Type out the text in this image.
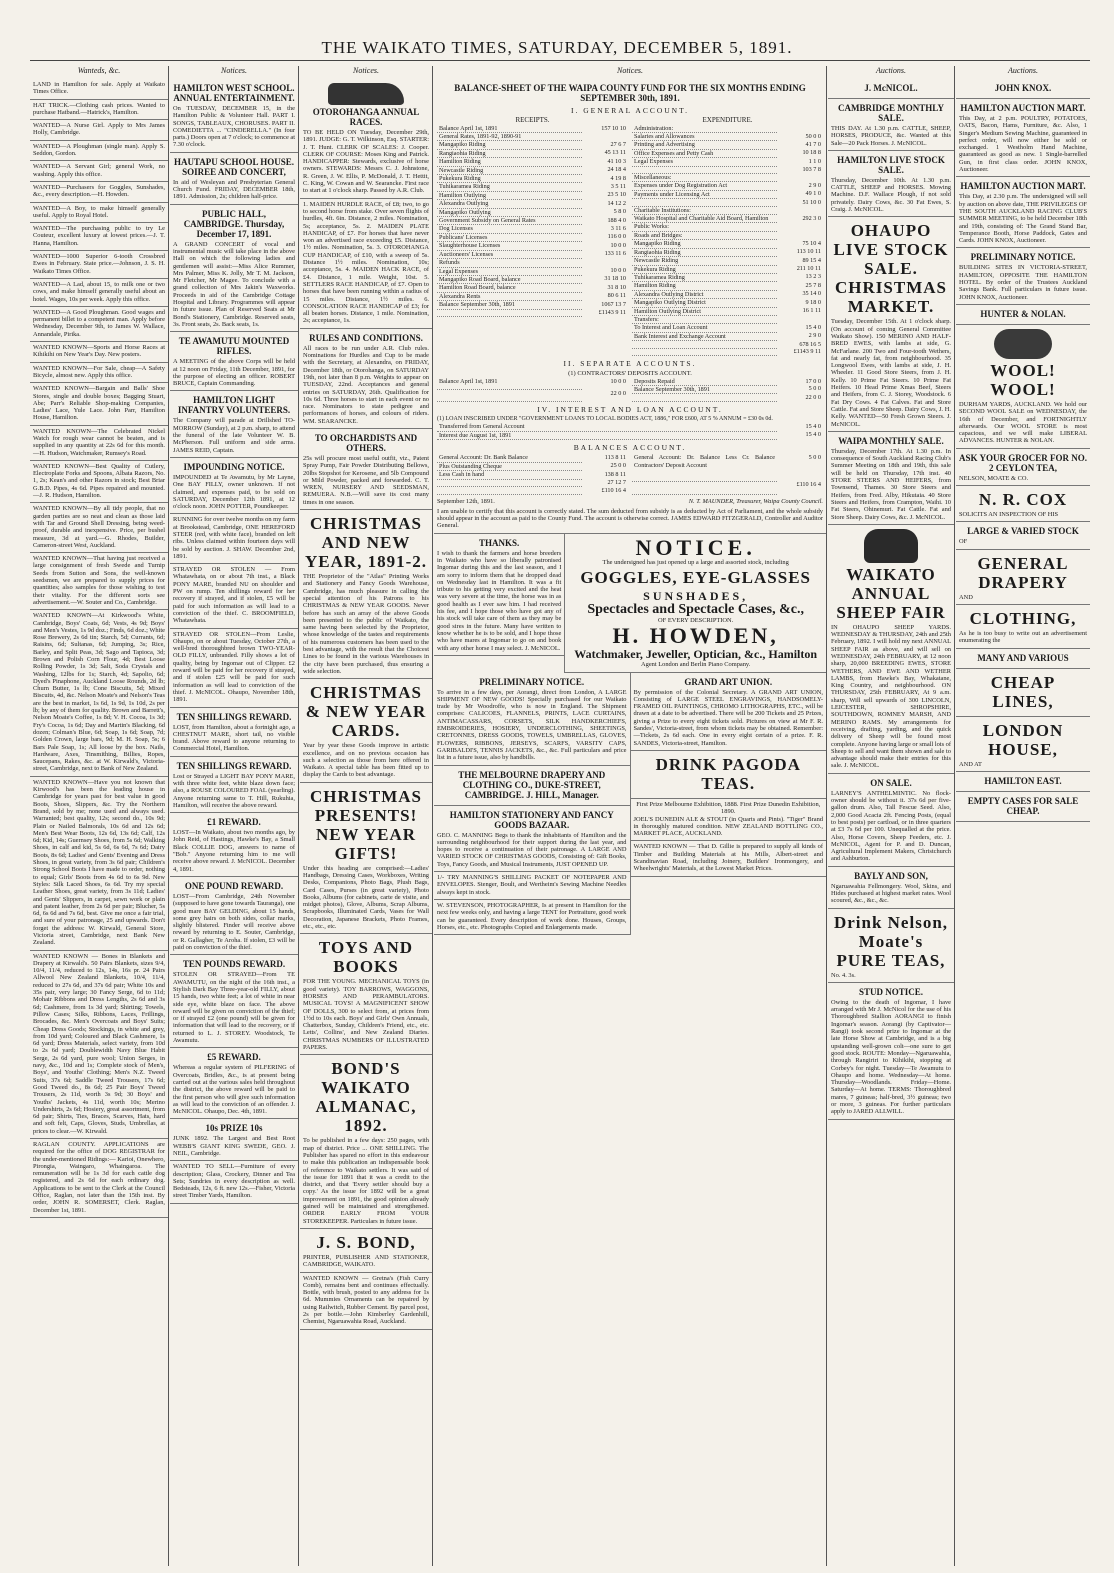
THE WAIKATO TIMES, SATURDAY, DECEMBER 5, 1891.
Wanteds, &c.
LAND in Hamilton for sale. Apply at Waikato Times Office.
HAT TRICK.—Clothing cash prices. Wanted to purchase Hatband.—Hatrick's, Hamilton.
WANTED—A Nurse Girl. Apply to Mrs James Holly, Cambridge.
WANTED—A Ploughman (single man). Apply S. Seddon, Gordon.
WANTED—A Servant Girl; general Work, no washing. Apply this office.
WANTED—Purchasers for Goggles, Sunshades, &c., every description.—H. Howden.
WANTED—A Boy, to make himself generally useful. Apply to Royal Hotel.
WANTED—The purchasing public to try Le Couteur, excellent luxury at lowest prices.—J. T. Hanna, Hamilton.
WANTED—1000 Superior 6-tooth Crossbred Ewes in February. State price.—Johnson, J. S. H. Waikato Times Office.
WANTED—A Lad, about 15, to milk one or two cows, and make himself generally useful about an hotel. Wages, 10s per week. Apply this office.
WANTED—A Good Ploughman. Good wages and permanent billet to a competent man. Apply before Wednesday, December 9th, to James W. Wallace, Annandale, Pirika.
WANTED KNOWN—Sports and Horse Races at Kihikihi on New Year's Day. New posters.
WANTED KNOWN—For Sale, cheap—A Safety Bicycle, almost new. Apply this office.
WANTED KNOWN—Bargain and Balls' Shoe Stores, single and double boxes; Bagging Stuart, Abe; Parr's Reliable Shop-making Companies, Ladies' Lace, Yule Lace. John Parr, Hamilton House, Hamilton.
WANTED KNOWN—The Celebrated Nickel Watch for rough wear cannot be beaten, and is supplied in any quantity at 22s 6d for this month.—H. Hudson, Watchmaker, Rumsey's Road.
WANTED KNOWN—Best Quality of Cutlery, Electroplate Forks and Spoons, Albata Razors, No. 1, 2s; Kean's and other Razors in stock; Best Briar G.B.D. Pipes, 4s 6d. Pipes repaired and mounted.—J. R. Hudson, Hamilton.
WANTED KNOWN—By all tidy people, that no garden parties are so neat and clean as those laid with Tar and Ground Shell Dressing, being weed-proof, durable and inexpensive. Price, per bushel measure, 3d at yard.—G. Rhodes, Builder, Cameron-street West, Auckland.
WANTED KNOWN—That having just received a large consignment of fresh Swede and Turnip Seeds from Sutton and Sons, the well-known seedsmen, we are prepared to supply prices for quantities; also samples for those wishing to test their vitality. For the different sorts see advertisement.—W. Souter and Co., Cambridge.
WANTED KNOWN—At Kirkwood's White, Cambridge, Boys' Coats, 6d; Vests, 4s 9d; Boys' and Men's Vestes, 1s 9d doz.; Finds, 6d doz.; White Rose Brewery, 2s 6d tin; Starch, 5d; Currants, 6d; Raisins, 6d; Sultanas, 6d; Jumping, 3s; Rice, Barley, and Split Peas, 3d; Sago and Tapioca, 3d; Brown and Polish Corn Flour, 4d; Best Loose Rolling Powder, 1s 3d; Salt, Soda Crystals and Washing, 12lbs for 1s; Starch, 4d; Sapolio, 6d; Dyed's Pinaphone, Auckland Loose Rounds, 2d lb; Churn Butter, 1s lb; Cone Biscuits, 5d; Mixed Biscuits, 4d, &c. Nelson Moate's and Nelson's Teas are the best in market, 1s 6d, 1s 9d, 1s 10d, 2s per lb; by any of them for quality. Brown and Barrett's, Nelson Moate's Coffee, 1s 8d; V. H. Cocoa, 1s 3d; Fry's Cocoa, 1s 6d; Day and Martin's Blacking, 6d dozen; Colman's Blue, 6d; Soap, 1s 6d; Soap, 7d; Golden Crown, large bars, 9d; M. H. Soap, 5s; 6 Bars Pale Soap, 1s; All loose by the box. Nails, Hardware, Axes, Tinsmithing, Billies, Ropes, Saucepans, Rakes, &c. at W. Kirwald's, Victoria-street, Cambridge, next to Bank of New Zealand.
WANTED KNOWN—Have you not known that Kirwood's has been the leading house in Cambridge for years past for best value in good Boots, Shoes, Slippers, &c. Try the Northern Brand, sold by me; none used and always used. Warranted; best quality, 12s; second do., 10s 9d; Plain or Nailed Balmorals, 10s 6d and 12s 6d; Men's Best Wear Boots, 12s 6d, 13s 6d; Calf, 12s 6d; Kid, 14s; Guernsey Shoes, from 5s 6d; Walking Shoes, in calf and kid, 5s 6d, 6s 6d, 7s 6d; Dairy Boots, 8s 6d; Ladies' and Gents' Evening and Dress Shoes, in great variety, from 3s 6d pair; Children's Strong School Boots I have made to order, nothing to equal; Girls' Boots from 4s 6d to 6s 9d. New Styles: Silk Laced Shoes, 6s 6d. Try my special Leather Shoes, great variety, from 3s 11d; Ladies' and Gents' Slippers, in carpet, sewn work or plain and patent leather, from 2s 6d per pair; Blucher, 5s 6d, 6s 6d and 7s 6d, best. Give me once a fair trial, and sure of your patronage, 25 and upwards. Don't forget the address: W. Kirwald, General Store, Victoria street, Cambridge, next Bank New Zealand.
WANTED KNOWN — Bones in Blankets and Drapery at Kirwald's. 50 Pairs Blankets, sizes 9/4, 10/4, 11/4, reduced to 12s, 14s, 16s pr. 24 Pairs Allwool New Zealand Blankets, 10/4, 11/4, reduced to 27s 6d, and 37s 6d pair; White 10s and 35s pair, very large; 30 Fancy Serge, 6d to 11d; Mohair Ribbons and Dress Lengths, 2s 6d and 3s 6d; Cashmere, from 1s 3d yard; Shirting; Towels, Pillow Cases; Silks, Ribbons, Laces, Frillings, Brocades, &c. Men's Overcoats and Boys' Suits; Cheap Dress Goods; Stockings, in white and grey, from 10d yard; Coloured and Black Cashmere, 1s 6d yard; Dress Materials, select variety, from 10d to 2s 6d yard; Doublewidth Navy Blue Habit Serge, 2s 6d yard, pure wool; Union Serges, in navy, &c., 10d and 1s; Complete stock of Men's, Boys', and Youths' Clothing; Men's N.Z. Tweed Suits, 37s 6d; Saddle Tweed Trousers, 17s 6d; Good Tweed do., 8s 6d; 25 Pair Boys' Tweed Trousers, 2s 11d, worth 3s 9d; 30 Boys' and Youths' Jackets, 4s 11d, worth 10s; Merino Undershirts, 2s 6d; Hosiery, great assortment, from 6d pair; Shirts, Ties, Braces, Scarves, Hats, hard and soft felt, Caps, Gloves, Studs, Umbrellas, at prices to clear.—W. Kirwald.
RAGLAN COUNTY. APPLICATIONS are required for the office of DOG REGISTRAR for the under-mentioned Ridings:— Karioi, Onewhero, Pirongia, Waingaro, Whaingaroa. The remuneration will be 1s 3d for each cattle dog registered, and 2s 6d for each ordinary dog. Applications to be sent to the Clerk at the Council Office, Raglan, not later than the 15th inst. By order, JOHN R. SOMERSET, Clerk. Raglan, December 1st, 1891.
Notices.
HAMILTON WEST SCHOOL. ANNUAL ENTERTAINMENT.
On TUESDAY, DECEMBER 15, in the Hamilton Public & Volunteer Hall. PART I. SONGS, TABLEAUX, CHORUSES. PART II. COMEDIETTA ... "CINDERELLA." (In four parts.) Doors open at 7 o'clock; to commence at 7.30 o'clock.
HAUTAPU SCHOOL HOUSE. SOIREE AND CONCERT,
In aid of Wesleyan and Presbyterian General Church Fund. FRIDAY, DECEMBER 18th, 1891. Admission, 2s; children half-price.
PUBLIC HALL, CAMBRIDGE. Thursday, December 17, 1891.
A GRAND CONCERT of vocal and instrumental music will take place in the above Hall on which the following ladies and gentlemen will assist:—Miss Alice Rummer, Mrs Palmer, Miss K. Jolly, Mr T. M. Jackson, Mr Fletcher, Mr Magee. To conclude with a grand collection of Mrs Jakin's Waxworks. Proceeds in aid of the Cambridge Cottage Hospital and Library. Programmes will appear in future issue. Plan of Reserved Seats at Mr Bond's Stationery, Cambridge. Reserved seats, 3s. Front seats, 2s. Back seats, 1s.
TE AWAMUTU MOUNTED RIFLES.
A MEETING of the above Corps will be held at 12 noon on Friday, 11th December, 1891, for the purpose of electing an officer. ROBERT BRUCE, Captain Commanding.
HAMILTON LIGHT INFANTRY VOLUNTEERS.
The Company will parade at Drillshed TO-MORROW (Sunday), at 2 p.m. sharp, to attend the funeral of the late Volunteer W. B. McPherson. Full uniform and side arms. JAMES REID, Captain.
IMPOUNDING NOTICE.
IMPOUNDED at Te Awamutu, by Mr Layne, One BAY FILLY, owner unknown. If not claimed, and expenses paid, to be sold on SATURDAY, December 12th 1891, at 12 o'clock noon. JOHN POTTER, Poundkeeper.
RUNNING for over twelve months on my farm at Brookstead, Cambridge, ONE HEREFORD STEER (red, with white face), branded on left ribs. Unless claimed within fourteen days will be sold by auction. J. SHAW. December 2nd, 1891.
STRAYED OR STOLEN — From Whatawhata, on or about 7th inst., a Black PONY MARE, branded NU on shoulder and PW on rump. Ten shillings reward for her recovery if strayed, and if stolen, £5 will be paid for such information as will lead to a conviction of the thief. C. BROOMFIELD, Whatawhata.
STRAYED OR STOLEN—From Leslie, Ohaupo, on or about Tuesday, October 27th, a well-bred thoroughbred brown TWO-YEAR-OLD FILLY, unbranded. Filly shows a lot of quality, being by Ingomar out of Clipper. £2 reward will be paid for her recovery if strayed, and if stolen £25 will be paid for such information as will lead to conviction of the thief. J. McNICOL. Ohaupo, November 18th, 1891.
TEN SHILLINGS REWARD.
LOST, from Hamilton, about a fortnight ago, a CHESTNUT MARE, short tail, no visible brand. Above reward to anyone returning to Commercial Hotel, Hamilton.
TEN SHILLINGS REWARD.
Lost or Strayed a LIGHT BAY PONY MARE, with three white feet, white blaze down face; also, a ROUSE COLOURED FOAL (yearling). Anyone returning same to T. Hill, Rukuhia, Hamilton, will receive the above reward.
£1 REWARD.
LOST—In Waikato, about two months ago, by John Reid, of Hastings, Hawke's Bay, a Small Black COLLIE DOG, answers to name of "Bob." Anyone returning him to me will receive above reward. J. McNICOL. December 4, 1891.
ONE POUND REWARD.
LOST—From Cambridge, 24th November (supposed to have gone towards Tauranga), one good mare BAY GELDING, about 15 hands, some grey hairs on both sides, collar marks, slightly blistered. Finder will receive above reward by returning to E. Souter, Cambridge, or R. Gallagher, Te Aroha. If stolen, £3 will be paid on conviction of the thief.
TEN POUNDS REWARD.
STOLEN OR STRAYED—From TE AWAMUTU, on the night of the 16th inst., a Stylish Dark Bay Three-year-old FILLY, about 15 hands, two white feet; a lot of white in near side eye, white blaze on face. The above reward will be given on conviction of the thief; or if strayed £2 (one pound) will be given for information that will lead to the recovery, or if returned to L. J. STOREY. Woodstock, Te Awamutu.
£5 REWARD.
Whereas a regular system of PILFERING of Overcoats, Bridles, &c., is at present being carried out at the various sales held throughout the district, the above reward will be paid to the first person who will give such information as will lead to the conviction of an offender. J. McNICOL. Ohaupo, Dec. 4th, 1891.
10s PRIZE 10s
JUNK 1892. The Largest and Best Root WEBB'S GIANT KING SWEDE, GEO. J. NEIL, Cambridge.
WANTED TO SELL—Furniture of every description; Glass, Crockery, Dinner and Tea Sets; Sundries in every description as well. Bedsteads, 12s, 6 ft. new 12s.—Fisher, Victoria street Timber Yards, Hamilton.
Notices.
OTOROHANGA ANNUAL RACES.
TO BE HELD ON Tuesday, December 29th, 1891. JUDGE: G. T. Wilkinson, Esq. STARTER: J. T. Hunt. CLERK OF SCALES: J. Cooper. CLERK OF COURSE: Moses King and Patrick. HANDICAPPER: Stewards, exclusive of horse owners. STEWARDS: Messrs C. J. Johnstone, R. Green, J. W. Ellis, P. McDonald, J. T. Hettit, C. King, W. Cowan and W. Searancke. First race to start at 1 o'clock sharp. Passed by A.R. Club.
1. MAIDEN HURDLE RACE, of £8; two, to go to second horse from stake. Over seven flights of hurdles, 4ft. 6in. Distance, 2 miles. Nomination, 5s; acceptance, 5s. 2. MAIDEN PLATE HANDICAP, of £7. For horses that have never won an advertised race exceeding £5. Distance, 1½ miles. Nomination, 5s. 3. OTOROHANGA CUP HANDICAP, of £10, with a sweep of 5s. Distance 1½ miles. Nomination, 10s; acceptance, 5s. 4. MAIDEN HACK RACE, of £4. Distance, 1 mile. Weight, 10st. 5. SETTLERS RACE HANDICAP, of £7. Open to horses that have been running within a radius of 15 miles. Distance, 1½ miles. 6. CONSOLATION RACE HANDICAP of £3; for all beaten horses. Distance, 1 mile. Nomination, 2s; acceptance, 1s.
RULES AND CONDITIONS.
All races to be run under A.R. Club rules. Nominations for Hurdles and Cup to be made with the Secretary, at Alexandra, on FRIDAY, December 18th, or Otorohanga, on SATURDAY 19th, not later than 8 p.m. Weights to appear on TUESDAY, 22nd. Acceptances and general entries on SATURDAY, 26th. Qualification for 10s 6d. Three horses to start in each event or no race. Nominators to state pedigree and performances of horses, and colours of riders. WM. SEARANCKE.
TO ORCHARDISTS AND OTHERS.
25s will procure most useful outfit, viz., Patent Spray Pump, Fair Powder Distributing Bellows, 20lbs Stopshot for Kerosene, and 5lb Compound or Mild Powder, packed and forwarded. C. T. WREN, NURSERY AND SEEDSMAN, REMUERA. N.B.—Will save its cost many times in one season.
CHRISTMAS AND NEW YEAR, 1891-2.
THE Proprietor of the "Atlas" Printing Works and Stationery and Fancy Goods Warehouse, Cambridge, has much pleasure in calling the special attention of his Patrons to his CHRISTMAS & NEW YEAR GOODS. Never before has such an array of the above Goods been presented to the public of Waikato, the same having been selected by the Proprietor, whose knowledge of the tastes and requirements of his numerous customers has been used to the best advantage, with the result that the Choicest Lines to be found in the various Warehouses in the city have been purchased, thus ensuring a wide selection.
CHRISTMAS & NEW YEAR CARDS.
Year by year these Goods improve in artistic excellence, and on no previous occasion has such a selection as those from here offered in Waikato. A special table has been fitted up to display the Cards to best advantage.
CHRISTMAS PRESENTS! NEW YEAR GIFTS!
Under this heading are comprised:—Ladies' Handbags, Dressing Cases, Workboxes, Writing Desks, Companions, Photo Bags, Plush Bags, Card Cases, Purses (in great variety), Photo Books, Albums (for cabinets, carte de visite, and midget photos), Glove, Albums, Scrap Albums, Scrapbooks, Illuminated Cards, Vases for Wall Decoration, Japanese Brackets, Photo Frames, etc., etc., etc.
TOYS AND BOOKS
FOR THE YOUNG. MECHANICAL TOYS (in good variety). TOY BARROWS, WAGGONS, HORSES AND PERAMBULATORS. MUSICAL TOYS! A MAGNIFICENT SHOW OF DOLLS, 300 to select from, at prices from 1½d to 10s each. Boys' and Girls' Own Annuals, Chatterbox, Sunday, Children's Friend, etc., etc. Letts', Collins', and New Zealand Diaries. CHRISTMAS NUMBERS OF ILLUSTRATED PAPERS.
BOND'S WAIKATO ALMANAC, 1892.
To be published in a few days: 250 pages, with map of district. Price ... ONE SHILLING. The Publisher has spared no effort in this endeavour to make this publication an indispensable book of reference to Waikato settlers. It was said of the issue for 1891 that it was a credit to the district, and that 'Every settler should buy a copy.' As the issue for 1892 will be a great improvement on 1891, the good opinion already gained will be maintained and strengthened. ORDER EARLY FROM YOUR STOREKEEPER. Particulars in future issue.
J. S. BOND,
PRINTER, PUBLISHER AND STATIONER, CAMBRIDGE, WAIKATO.
WANTED KNOWN — Gretna's (Fish Curry Comb), remains bent and continues effectually. Bottle, with brush, posted to any address for 1s 6d. Mummies Ornaments can be repaired by using Railwitch, Rubber Cement. By parcel post, 2s per bottle.—John Kimberley Gardenhill, Chemist, Ngaruawahia Road, Auckland.
Notices.
BALANCE-SHEET OF THE WAIPA COUNTY FUND FOR THE SIX MONTHS ENDING SEPTEMBER 30th, 1891.
I. GENERAL ACCOUNT.
RECEIPTS.
Balance April 1st, 1891	157 10 10
General Rates, 1891-92, 1890-91	
Mangapiko Riding	27 6 7
Rangiaohia Riding	45 13 11
Hamilton Riding	41 10 3
Newcastle Riding	24 18 4
Pukekura Riding	4 19 8
Tuhikaramea Riding	3 5 11
Hamilton Outlying	23 5 10
Alexandra Outlying	14 12 2
Mangapiko Outlying	5 8 0
Government Subsidy on General Rates	188 4 0
Dog Licenses	3 11 6
Publicans' Licenses	116 0 0
Slaughterhouse Licenses	10 0 0
Auctioneers' Licenses	133 11 6
Refunds	
Legal Expenses	10 0 0
Mangapiko Road Board, balance	31 18 10
Hamilton Road Board, balance	31 8 10
Alexandra Rents	80 6 11
Balance September 30th, 1891	1067 13 7
	£1143 9 11
EXPENDITURE.
Administration:	
Salaries and Allowances	50 0 0
Printing and Advertising	41 7 0
Office Expenses and Petty Cash	10 18 8
Legal Expenses	1 1 0
	103 7 8
Miscellaneous:	
Expenses under Dog Registration Act	2 9 0
Payments under Licensing Act	49 1 0
	51 10 0
Charitable Institutions:	
Waikato Hospital and Charitable Aid Board, Hamilton	292 3 0
Public Works:	
Roads and Bridges:	
Mangapiko Riding	75 10 4
Rangiaohia Riding	113 10 11
Newcastle Riding	89 15 4
Pukekura Riding	211 10 11
Tuhikaramea Riding	13 2 3
Hamilton Riding	25 7 8
Alexandra Outlying District	35 14 0
Mangapiko Outlying District	9 18 0
Hamilton Outlying District	16 1 11
Transfers:	
To Interest and Loan Account	15 4 0
Bank Interest and Exchange Account	2 9 0
	678 16 5
	£1143 9 11
II. SEPARATE ACCOUNTS.
(1) CONTRACTORS' DEPOSITS ACCOUNT.
Balance April 1st, 1891	10 0 0
	22 0 0
Deposits Repaid	17 0 0
Balance September 30th, 1891	5 0 0
	22 0 0
IV. INTEREST AND LOAN ACCOUNT.
(1) LOAN INSCRIBED UNDER "GOVERNMENT LOANS TO LOCAL BODIES ACT, 1886," FOR £600, AT 5 % ANNUM = £30 0s 0d.
Transferred from General Account	15 4 0
Interest due August 1st, 1891	15 4 0
BALANCES ACCOUNT.
General Account: Dr. Bank Balance	113 8 11
Plus Outstanding Cheque	25 0 0
Less Cash in hand	138 8 11
	27 12 7
	£110 16 4
General Account: Dr. Balance Less Cr. Balance Contractors' Deposit Account	5 0 0
	£110 16 4
September 12th, 1891.	N. T. MAUNDER, Treasurer, Waipa County Council.
I am unable to certify that this account is correctly stated. The sum deducted from subsidy is as deducted by Act of Parliament, and the whole subsidy should appear in the account as paid to the County Fund. The account is otherwise correct. JAMES EDWARD FITZGERALD, Controller and Auditor General.
THANKS.
I wish to thank the farmers and horse breeders in Waikato who have so liberally patronised Ingomar during this and the last season, and I am sorry to inform them that he dropped dead on Wednesday last in Hamilton. It was a fit tribute to his getting very excited and the heat was very severe at the time, the horse was in as good health as I ever saw him. I had received his fee, and I hope those who have got any of his stock will take care of them as they may be good sires in the future. Many have written to know whether he is to be sold, and I hope those who have mares at Ingomar to go on and book with any other horse I may select. J. McNICOL.
NOTICE.
The undersigned has just opened up a large and assorted stock, including
GOGGLES, EYE-GLASSES
SUNSHADES,
Spectacles and Spectacle Cases, &c.,
OF EVERY DESCRIPTION.
H. HOWDEN,
Watchmaker, Jeweller, Optician, &c., Hamilton
Agent London and Berlin Piano Company.
PRELIMINARY NOTICE.
To arrive in a few days, per Aorangi, direct from London, A LARGE SHIPMENT OF NEW GOODS! Specially purchased for our Waikato trade by Mr Woodroffe, who is now in England. The Shipment comprises: CALICOES, FLANNELS, PRINTS, LACE CURTAINS, ANTIMACASSARS, CORSETS, SILK HANDKERCHIEFS, EMBROIDERIES, HOSIERY, UNDERCLOTHING, SHEETINGS, CRETONNES, DRESS GOODS, TOWELS, UMBRELLAS, GLOVES, FLOWERS, RIBBONS, JERSEYS, SCARFS, VARSITY CAPS, GARIBALDI'S, TENNIS JACKETS, &c., &c. Full particulars and price list in a future issue, also by handbills.
THE MELBOURNE DRAPERY AND CLOTHING CO., DUKE-STREET, CAMBRIDGE. J. HILL, Manager.
HAMILTON STATIONERY AND FANCY GOODS BAZAAR.
GEO. C. MANNING Begs to thank the inhabitants of Hamilton and the surrounding neighbourhood for their support during the last year, and hopes to receive a continuation of their patronage. A LARGE AND VARIED STOCK OF CHRISTMAS GOODS, Consisting of: Gift Books, Toys, Fancy Goods, and Musical Instruments, JUST OPENED UP.
1/- TRY MANNING'S SHILLING PACKET OF NOTEPAPER AND ENVELOPES. Stenger, Boult, and Wertheim's Sewing Machine Needles always kept in stock.
W. STEVENSON, PHOTOGRAPHER, Is at present in Hamilton for the next few weeks only, and having a large TENT for Portraiture, good work can be guaranteed. Every description of work done. Houses, Groups, Horses, etc., etc. Photographs Copied and Enlargements made.
GRAND ART UNION.
By permission of the Colonial Secretary. A GRAND ART UNION, Consisting of LARGE STEEL ENGRAVINGS, HANDSOMELY-FRAMED OIL PAINTINGS, CHROMO LITHOGRAPHS, ETC., will be drawn at a date to be advertised. There will be 200 Tickets and 25 Prizes, giving a Prize to every eight tickets sold. Pictures on view at Mr F. R. Sandes', Victoria-street, from whom tickets may be obtained. Remember:—Tickets, 2s 6d each. One in every eight certain of a prize. F. R. SANDES, Victoria-street, Hamilton.
DRINK PAGODA TEAS.
First Prize Melbourne Exhibition, 1888. First Prize Dunedin Exhibition, 1890.
JOEL'S DUNEDIN ALE & STOUT (in Quarts and Pints). "Tiger" Brand in thoroughly matured condition. NEW ZEALAND BOTTLING CO., MARKET PLACE, AUCKLAND.
WANTED KNOWN — That D. Gillie is prepared to supply all kinds of Timber and Building Materials at his Mills, Albert-street and Scandinavian Road, including Joinery, Builders' Ironmongery, and Wheelwrights' Materials, at the Lowest Market Prices.
Auctions.
J. McNICOL.
CAMBRIDGE MONTHLY SALE.
THIS DAY. At 1.30 p.m. CATTLE, SHEEP, HORSES, PRODUCE, &c. Wanted at this Sale—20 Pack Horses. J. McNICOL.
HAMILTON LIVE STOCK SALE.
Thursday, December 10th. At 1.30 p.m. CATTLE, SHEEP and HORSES. Mowing Machine. D.F. Wallace Plough, if not sold privately. Dairy Cows, &c. 30 Fat Ewes, S. Craig. J. McNICOL.
OHAUPO LIVE STOCK SALE. CHRISTMAS MARKET.
Tuesday, December 15th. At 1 o'clock sharp. (On account of coming General Committee Waikato Show). 150 MERINO AND HALF-BRED EWES, with lambs at side, G. McFarlane. 200 Two and Four-tooth Wethers, fat and nearly fat, from neighbourhood. 35 Longwool Ewes, with lambs at side, J. H. Wheeler. 11 Good Store Steers, from J. H. Kelly. 10 Prime Fat Steers. 10 Prime Fat Heifers. 10 Head Prime Xmas Beef, Steers and Heifers, from C. J. Storey, Woodstock. 6 Fat Dry Cows. 4 Fat Calves. Fat and Store Cattle. Fat and Store Sheep. Dairy Cows, J. H. Kelly. WANTED—50 Fresh Grown Steers. J. McNICOL.
WAIPA MONTHLY SALE.
Thursday, December 17th. At 1.30 p.m. In consequence of South Auckland Racing Club's Summer Meeting on 18th and 19th, this sale will be held on Thursday, 17th inst. 40 STORE STEERS AND HEIFERS, from Townsend, Thames. 30 Store Steers and Heifers, from Fred. Alby, Hikutaia. 40 Store Steers and Heifers, from Crampton, Waihi. 10 Fat Steers, Ohinemuri. Fat Cattle. Fat and Store Sheep. Dairy Cows, &c. J. McNICOL.
WAIKATO ANNUAL SHEEP FAIR
IN OHAUPO SHEEP YARDS. WEDNESDAY & THURSDAY, 24th and 25th February, 1892. I will hold my next ANNUAL SHEEP FAIR as above, and will sell on WEDNESDAY, 24th FEBRUARY, at 12 noon sharp, 20,000 BREEDING EWES, STORE WETHERS, AND EWE AND WETHER LAMBS, from Hawke's Bay, Whakatane, King Country, and neighbourhood. ON THURSDAY, 25th FEBRUARY, At 9 a.m. sharp, Will sell upwards of 300 LINCOLN, LEICESTER, SHROPSHIRE, SOUTHDOWN, ROMNEY MARSH, AND MERINO RAMS. My arrangements for receiving, drafting, yarding, and the quick delivery of Sheep will be found most complete. Anyone having large or small lots of Sheep to sell and want them shown and sale to advantage should make their entries for this sale. J. McNICOL.
ON SALE.
LARNEY'S ANTHELMINTIC. No flock-owner should be without it. 37s 6d per five-gallon drum. Also, Tall Fescue Seed. Also, 2,000 Good Acacia 2ft. Fencing Posts, (equal to best posts) per cartload, or in three quarters at £3 7s 6d per 100. Unequalled at the price. Also, Horse Covers, Sheep Feeders, etc. J. McNICOL, Agent for P. and D. Duncan, Agricultural Implement Makers, Christchurch and Ashburton.
BAYLY AND SON,
Ngaruawahia Fellmongery. Wool, Skins, and Hides purchased at highest market rates. Wool scoured, &c., &c., &c.
Drink Nelson, Moate's PURE TEAS,
No. 4. 3s.
STUD NOTICE.
Owing to the death of Ingomar, I have arranged with Mr J. McNicol for the use of his Thoroughbred Stallion AORANGI to finish Ingomar's season. Aorangi (by Captivator—Rangi) took second prize to Ingomar at the late Horse Show at Cambridge, and is a big upstanding well-grown colt—one sure to get good stock. ROUTE: Monday—Ngaruawahia, through Rangiriri to Kihikihi, stopping at Corbey's for night. Tuesday—Te Awamutu to Ohaupo and home. Wednesday—At home. Thursday—Woodlands. Friday—Home. Saturday—At home. TERMS: Thoroughbred mares, 7 guineas; half-bred, 3½ guineas; two or more, 3 guineas. For further particulars apply to JARED ALLWILL.
Auctions.
JOHN KNOX.
HAMILTON AUCTION MART.
This Day, at 2 p.m. POULTRY, POTATOES, OATS, Bacon, Hams, Furniture, &c. Also, 1 Singer's Medium Sewing Machine, guaranteed in perfect order, will now either be sold or exchanged. 1 Westholm Hand Machine, guaranteed as good as new. 1 Single-barrelled Gun, in first class order. JOHN KNOX, Auctioneer.
HAMILTON AUCTION MART.
This Day, at 2.30 p.m. The undersigned will sell by auction on above date, THE PRIVILEGES OF THE SOUTH AUCKLAND RACING CLUB'S SUMMER MEETING, to be held December 18th and 19th, consisting of: The Grand Stand Bar, Temperance Booth, Horse Paddock, Gates and Cards. JOHN KNOX, Auctioneer.
PRELIMINARY NOTICE.
BUILDING SITES IN VICTORIA-STREET, HAMILTON, OPPOSITE THE HAMILTON HOTEL. By order of the Trustees Auckland Savings Bank. Full particulars in future issue. JOHN KNOX, Auctioneer.
HUNTER & NOLAN.
WOOL! WOOL!
DURHAM YARDS, AUCKLAND. We hold our SECOND WOOL SALE on WEDNESDAY, the 16th of December, and FORTNIGHTLY afterwards. Our WOOL STORE is most capacious, and we will make LIBERAL ADVANCES. HUNTER & NOLAN.
ASK YOUR GROCER FOR NO. 2 CEYLON TEA,
NELSON, MOATE & CO.
N. R. COX
SOLICITS AN INSPECTION OF HIS
LARGE & VARIED STOCK
OF
GENERAL DRAPERY
AND
CLOTHING,
As he is too busy to write out an advertisement enumerating the
MANY AND VARIOUS
CHEAP LINES,
LONDON HOUSE,
AND AT
HAMILTON EAST.
EMPTY CASES FOR SALE CHEAP.
